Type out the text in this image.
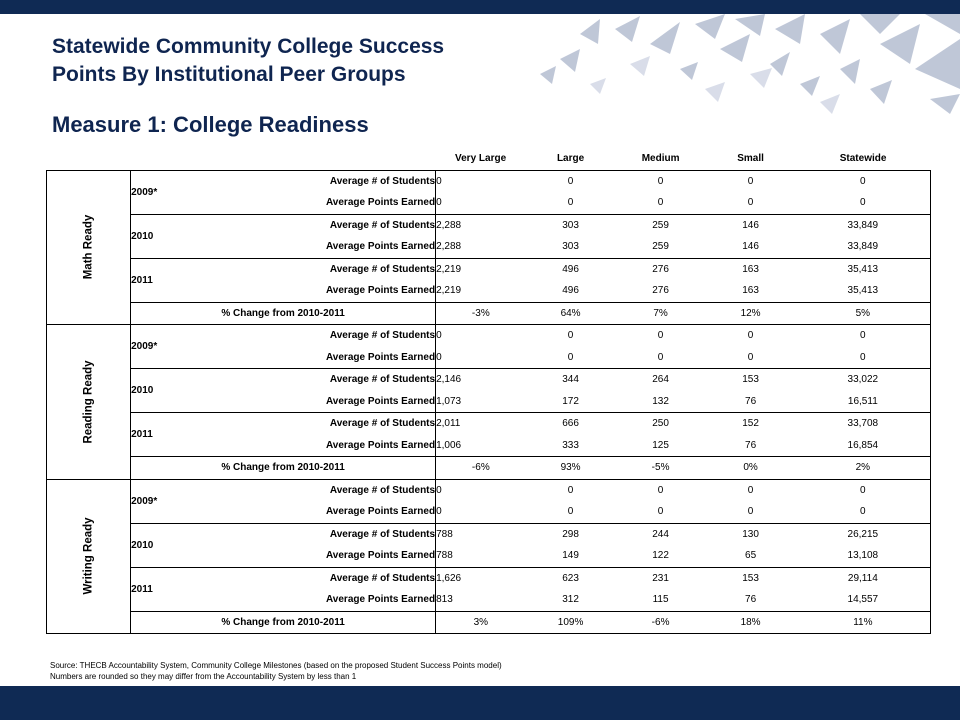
Statewide Community College Success
Points By Institutional Peer Groups
Measure 1: College Readiness
			Very Large	Large	Medium	Small	Statewide
Math Ready	2009*	Average # of Students	0	0	0	0	0
		Average Points Earned	0	0	0	0	0
	2010	Average # of Students	2,288	303	259	146	33,849
		Average Points Earned	2,288	303	259	146	33,849
	2011	Average # of Students	2,219	496	276	163	35,413
		Average Points Earned	2,219	496	276	163	35,413
	% Change from 2010-2011		-3%	64%	7%	12%	5%
Reading Ready	2009*	Average # of Students	0	0	0	0	0
		Average Points Earned	0	0	0	0	0
	2010	Average # of Students	2,146	344	264	153	33,022
		Average Points Earned	1,073	172	132	76	16,511
	2011	Average # of Students	2,011	666	250	152	33,708
		Average Points Earned	1,006	333	125	76	16,854
	% Change from 2010-2011		-6%	93%	-5%	0%	2%
Writing Ready	2009*	Average # of Students	0	0	0	0	0
		Average Points Earned	0	0	0	0	0
	2010	Average # of Students	788	298	244	130	26,215
		Average Points Earned	788	149	122	65	13,108
	2011	Average # of Students	1,626	623	231	153	29,114
		Average Points Earned	813	312	115	76	14,557
	% Change from 2010-2011		3%	109%	-6%	18%	11%
Source: THECB Accountability System, Community College Milestones (based on the proposed Student Success Points model)
Numbers are rounded so they may differ from the Accountability System by less than 1
